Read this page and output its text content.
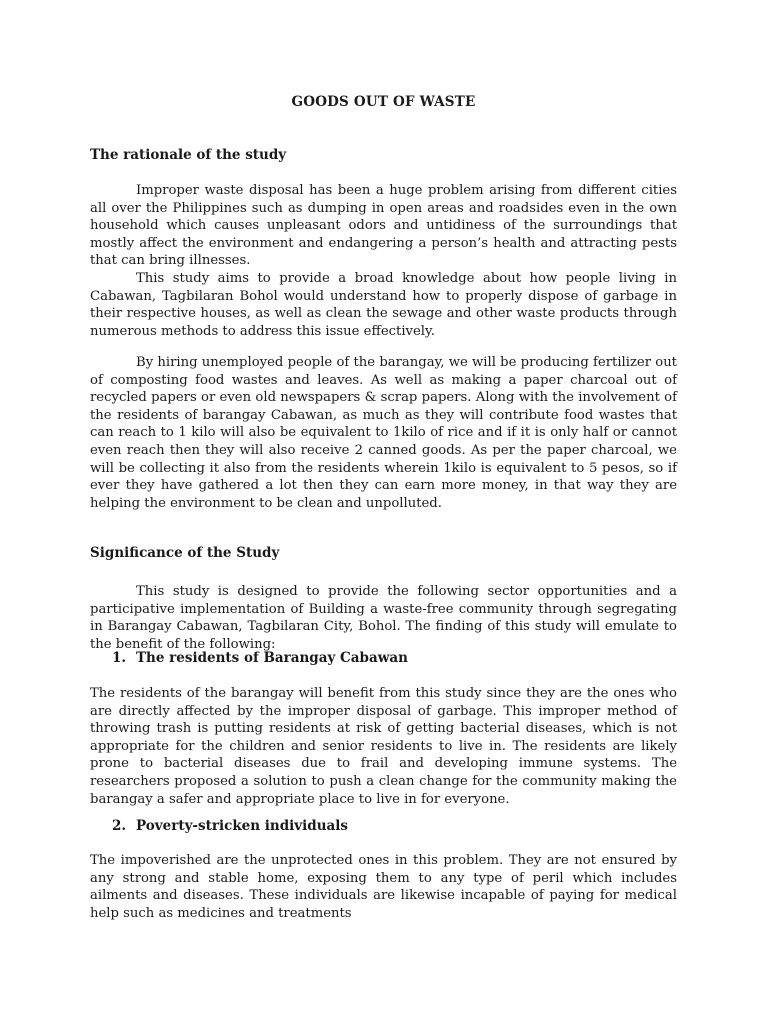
GOODS OUT OF WASTE
The rationale of the study

Improper waste disposal has been a huge problem arising from different cities all over the Philippines such as dumping in open areas and roadsides even in the own household which causes unpleasant odors and untidiness of the surroundings that mostly affect the environment and endangering a person’s health and attracting pests that can bring illnesses.

This study aims to provide a broad knowledge about how people living in Cabawan, Tagbilaran Bohol would understand how to properly dispose of garbage in their respective houses, as well as clean the sewage and other waste products through numerous methods to address this issue effectively.

By hiring unemployed people of the barangay, we will be producing fertilizer out of composting food wastes and leaves. As well as making a paper charcoal out of recycled papers or even old newspapers & scrap papers. Along with the involvement of the residents of barangay Cabawan, as much as they will contribute food wastes that can reach to 1 kilo will also be equivalent to 1kilo of rice and if it is only half or cannot even reach then they will also receive 2 canned goods. As per the paper charcoal, we will be collecting it also from the residents wherein 1kilo is equivalent to 5 pesos, so if ever they have gathered a lot then they can earn more money, in that way they are helping the environment to be clean and unpolluted.

Significance of the Study

This study is designed to provide the following sector opportunities and a participative implementation of Building a waste-free community through segregating in Barangay Cabawan, Tagbilaran City, Bohol. The finding of this study will emulate to the benefit of the following:

1. The residents of Barangay Cabawan

The residents of the barangay will benefit from this study since they are the ones who are directly affected by the improper disposal of garbage. This improper method of throwing trash is putting residents at risk of getting bacterial diseases, which is not appropriate for the children and senior residents to live in. The residents are likely prone to bacterial diseases due to frail and developing immune systems. The researchers proposed a solution to push a clean change for the community making the barangay a safer and appropriate place to live in for everyone.

2. Poverty-stricken individuals

The impoverished are the unprotected ones in this problem. They are not ensured by any strong and stable home, exposing them to any type of peril which includes ailments and diseases. These individuals are likewise incapable of paying for medical help such as medicines and treatments
